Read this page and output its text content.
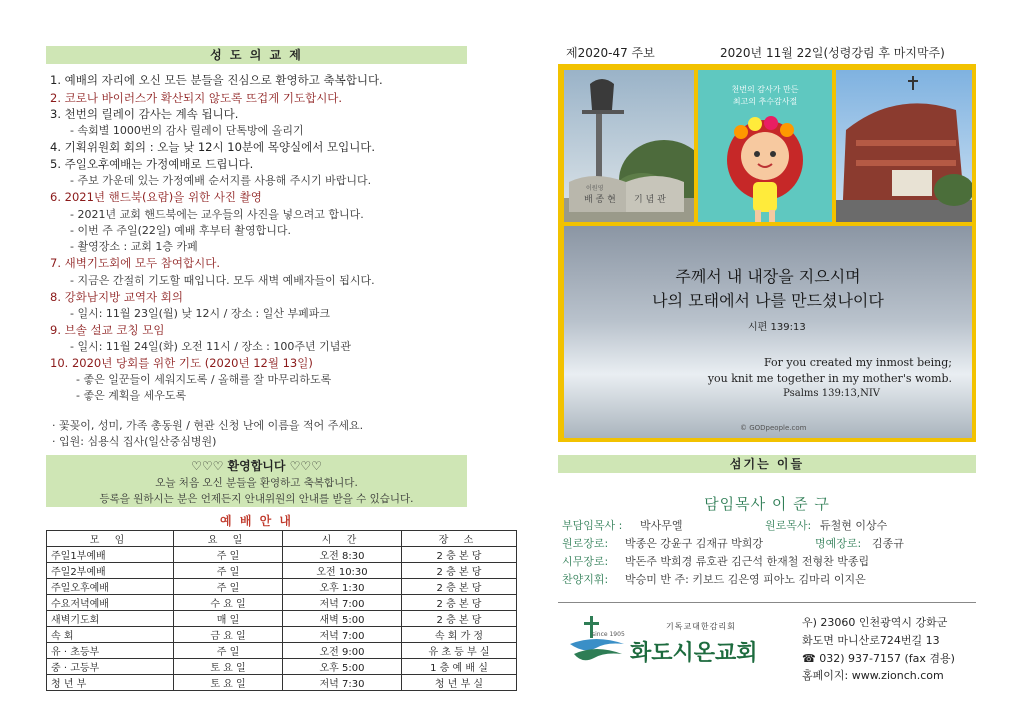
성 도 의 교 제
1. 예배의 자리에 오신 모든 분들을 진심으로 환영하고 축복합니다.
2. 코로나 바이러스가 확산되지 않도록 뜨겁게 기도합시다.
3. 천번의 릴레이 감사는 계속 됩니다.
- 속회별 1000번의 감사 릴레이 단톡방에 올리기
4. 기획위원회 회의 : 오늘 낮 12시 10분에 목양실에서 모입니다.
5. 주일오후예배는 가정예배로 드립니다.
- 주보 가운데 있는 가정예배 순서지를 사용해 주시기 바랍니다.
6. 2021년 핸드북(요람)을 위한 사진 촬영
- 2021년 교회 핸드북에는 교우들의 사진을 넣으려고 합니다.
- 이번 주 주일(22일) 예배 후부터 촬영합니다.
- 촬영장소 : 교회 1층 카페
7. 새벽기도회에 모두 참여합시다.
- 지금은 간절히 기도할 때입니다. 모두 새벽 예배자들이 됩시다.
8. 강화남지방 교역자 회의
- 일시: 11월 23일(월) 낮 12시 / 장소 : 일산 부페파크
9. 브솔 설교 코칭 모임
- 일시: 11월 24일(화) 오전 11시 / 장소 : 100주년 기념관
10. 2020년 당회를 위한 기도 (2020년 12월 13일)
- 좋은 일꾼들이 세워지도록 / 올해를 잘 마무리하도록
- 좋은 계획을 세우도록
· 꽃꽂이, 성미, 가족 총동원 / 현관 신청 난에 이름을 적어 주세요.
· 입원: 심용식 집사(일산중심병원)
♡♡♡ 환영합니다 ♡♡♡
오늘 처음 오신 분들을 환영하고 축복합니다.
등록을 원하시는 분은 언제든지 안내위원의 안내를 받을 수 있습니다.
예 배 안 내
모 임	요 일	시 간	장 소
주일1부예배	주 일	오전 8:30	2 층 본 당
주일2부예배	주 일	오전 10:30	2 층 본 당
주일오후예배	주 일	오후 1:30	2 층 본 당
수요저녁예배	수 요 일	저녁 7:00	2 층 본 당
새벽기도회	매 일	새벽 5:00	2 층 본 당
속 회	금 요 일	저녁 7:00	속 회 가 정
유 · 초등부	주 일	오전 9:00	유 초 등 부 실
중 · 고등부	토 요 일	오후 5:00	1 층 예 배 실
청 년 부	토 요 일	저녁 7:30	청 년 부 실
제2020-47 주보	2020년 11월 22일(성령강림 후 마지막주)
배 종 현 기 념 관
이원영
천번의 감사가 만든
최고의 추수감사절
주께서 내 내장을 지으시며
나의 모태에서 나를 만드셨나이다
시편 139:13
For you created my inmost being;
you knit me together in my mother's womb.
Psalms 139:13,NIV
© GODpeople.com
섬기는 이들
담임목사 이 준 구
부담임목사 : 박사무엘	원로목사: 듀철현 이상수
원로장로: 박종은 강윤구 김재규 박희강	명예장로: 김종규
시무장로: 박돈주 박희경 류호관 김근석 한재철 전형찬 박종립
찬양지휘: 박승미 반 주: 키보드 김은영 피아노 김마리 이지은
since 1905
기독교대한감리회
화도시온교회
우) 23060 인천광역시 강화군
화도면 마니산로724번길 13
☎ 032) 937-7157 (fax 겸용)
홈페이지: www.zionch.com
